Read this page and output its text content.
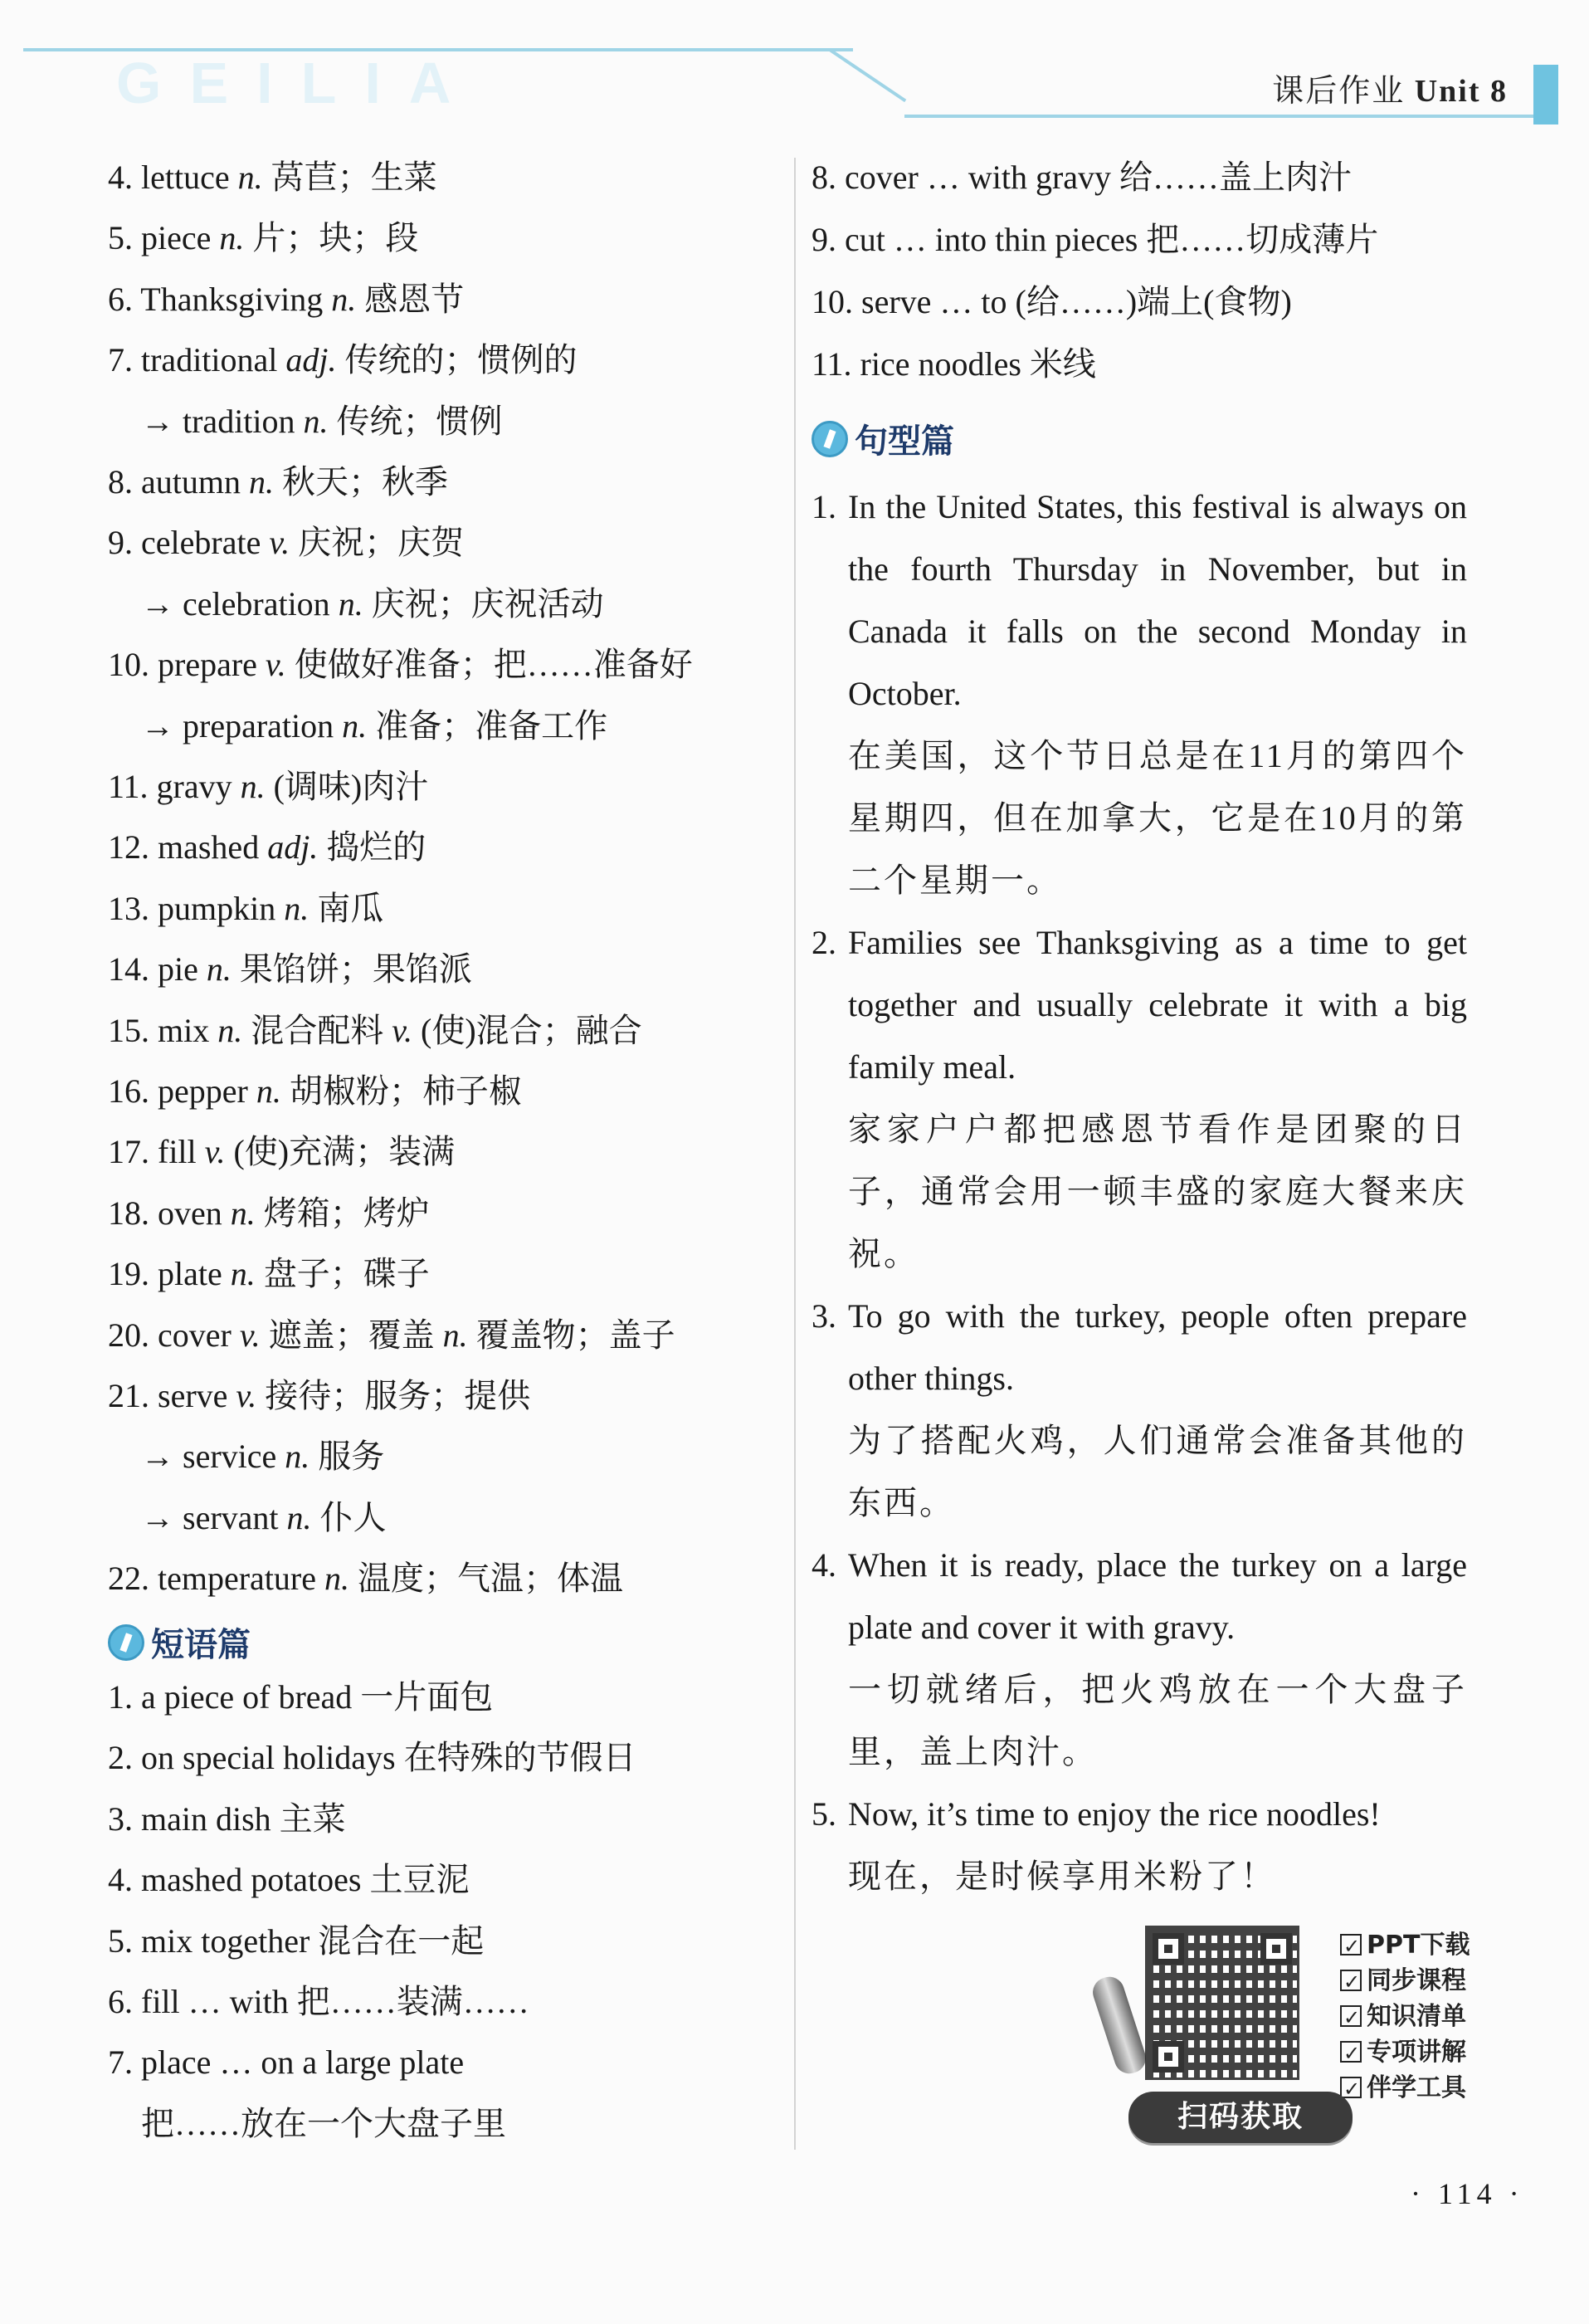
GEILIA	课后作业 Unit 8
4. lettuce n. 莴苣；生菜
5. piece n. 片；块；段
6. Thanksgiving n. 感恩节
7. traditional adj. 传统的；惯例的
→ tradition n. 传统；惯例
8. autumn n. 秋天；秋季
9. celebrate v. 庆祝；庆贺
→ celebration n. 庆祝；庆祝活动
10. prepare v. 使做好准备；把……准备好
→ preparation n. 准备；准备工作
11. gravy n. (调味)肉汁
12. mashed adj. 捣烂的
13. pumpkin n. 南瓜
14. pie n. 果馅饼；果馅派
15. mix n. 混合配料 v. (使)混合；融合
16. pepper n. 胡椒粉；柿子椒
17. fill v. (使)充满；装满
18. oven n. 烤箱；烤炉
19. plate n. 盘子；碟子
20. cover v. 遮盖；覆盖 n. 覆盖物；盖子
21. serve v. 接待；服务；提供
→ service n. 服务
→ servant n. 仆人
22. temperature n. 温度；气温；体温
短语篇
1. a piece of bread 一片面包
2. on special holidays 在特殊的节假日
3. main dish 主菜
4. mashed potatoes 土豆泥
5. mix together 混合在一起
6. fill … with 把……装满……
7. place … on a large plate
把……放在一个大盘子里
8. cover … with gravy 给……盖上肉汁
9. cut … into thin pieces 把……切成薄片
10. serve … to (给……)端上(食物)
11. rice noodles 米线
句型篇
1. In the United States, this festival is always on the fourth Thursday in November, but in Canada it falls on the second Monday in October.
在美国，这个节日总是在11月的第四个星期四，但在加拿大，它是在10月的第二个星期一。
2. Families see Thanksgiving as a time to get together and usually celebrate it with a big family meal.
家家户户都把感恩节看作是团聚的日子，通常会用一顿丰盛的家庭大餐来庆祝。
3. To go with the turkey, people often prepare other things.
为了搭配火鸡，人们通常会准备其他的东西。
4. When it is ready, place the turkey on a large plate and cover it with gravy.
一切就绪后，把火鸡放在一个大盘子里，盖上肉汁。
5. Now, it’s time to enjoy the rice noodles!
现在，是时候享用米粉了！
✓PPT下载
✓同步课程
✓知识清单
✓专项讲解
✓伴学工具
扫码获取
· 114 ·
